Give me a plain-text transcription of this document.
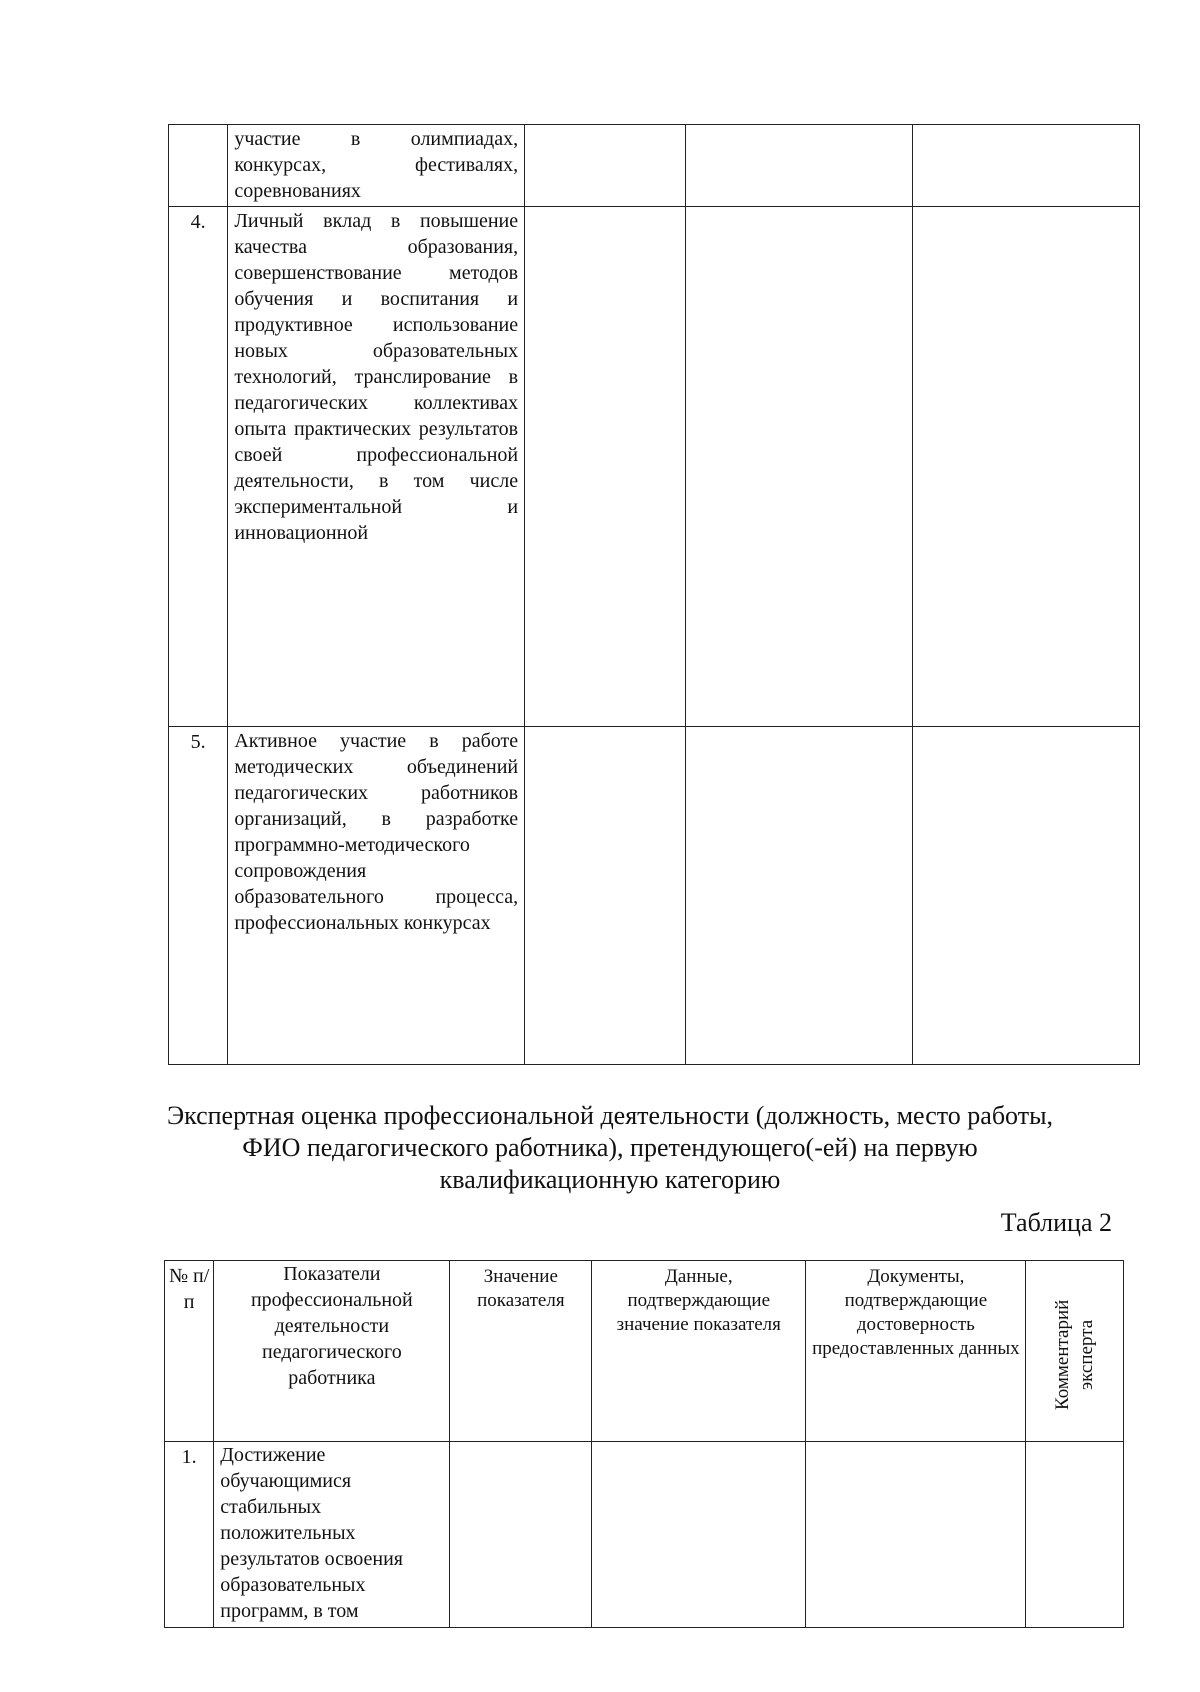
	участие в олимпиадах, конкурсах, фестивалях, соревнованиях			
4.	Личный вклад в повышение качества образования, совершенствование методов обучения и воспитания и продуктивное использование новых образовательных технологий, транслирование в педагогических коллективах опыта практических результатов своей профессиональной деятельности, в том числе экспериментальной и инновационной			
5.	Активное участие в работе методических объединений педагогических работников организаций, в разработке программно-методического сопровождения образовательного процесса, профессиональных конкурсах			
Экспертная оценка профессиональной деятельности (должность, место работы, ФИО педагогического работника), претендующего(-ей) на первую квалификационную категорию
Таблица 2
№ п/п	Показатели профессиональной деятельности педагогического работника	Значение показателя	Данные, подтверждающие значение показателя	Документы, подтверждающие достоверность предоставленных данных	Комментарий эксперта

1.	Достижение обучающимися стабильных положительных результатов освоения образовательных программ, в том				
